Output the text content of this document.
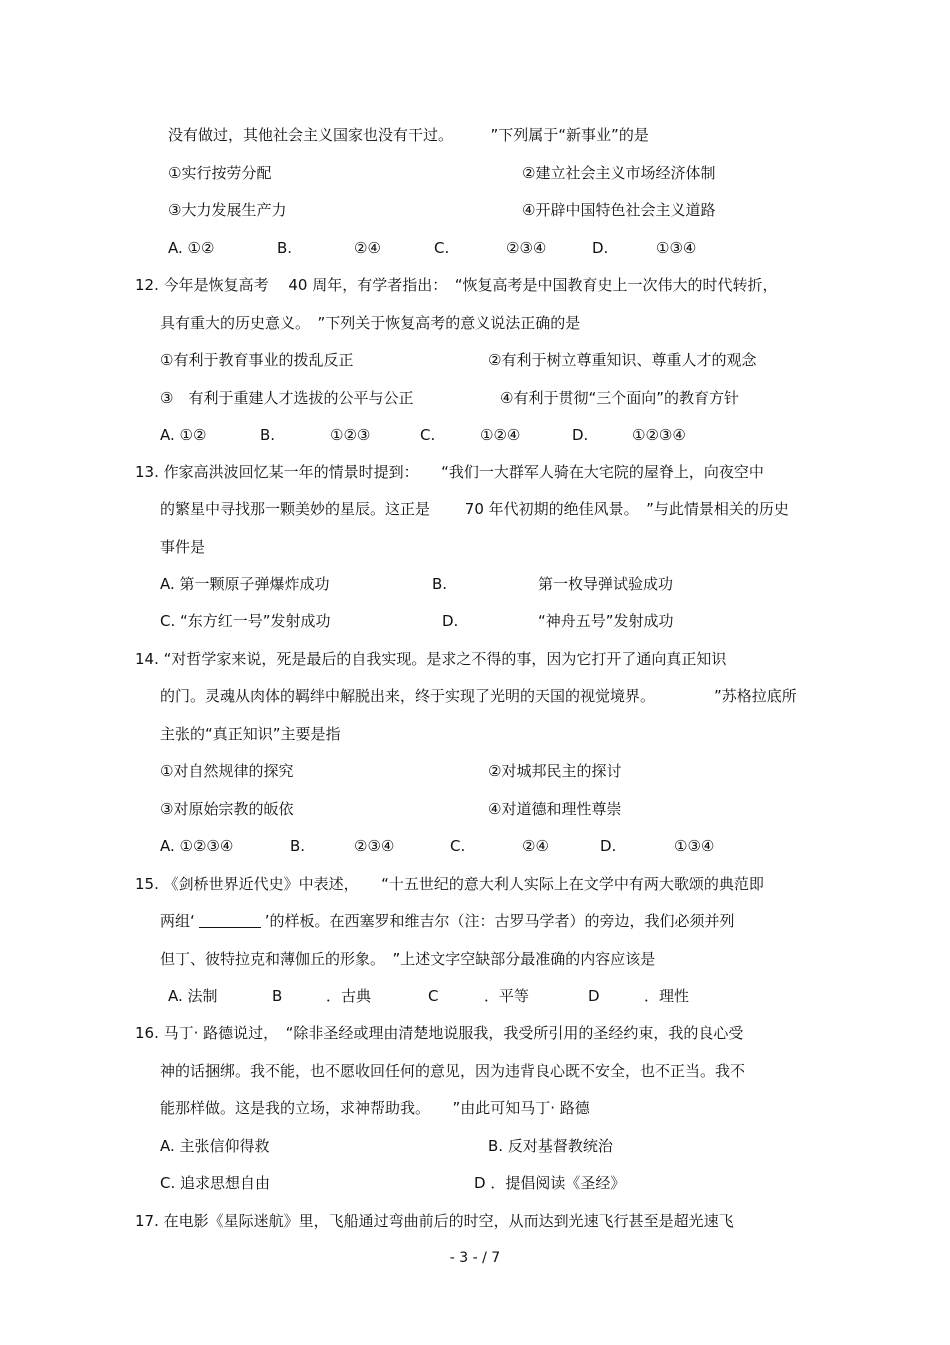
没有做过，其他社会主义国家也没有干过。　　　”下列属于“新事业”的是
①实行按劳分配	②建立社会主义市场经济体制
③大力发展生产力	④开辟中国特色社会主义道路
A. ①②	B.	②④	C.	②③④	D.	①③④
12. 今年是恢复高考　 40 周年，有学者指出：　“恢复高考是中国教育史上一次伟大的时代转折，
具有重大的历史意义。　”下列关于恢复高考的意义说法正确的是
①有利于教育事业的拨乱反正	②有利于树立尊重知识、尊重人才的观念
③　有利于重建人才选拔的公平与公正	④有利于贯彻“三个面向”的教育方针
A. ①②	B.	①②③	C.	①②④	D.	①②③④
13. 作家高洪波回忆某一年的情景时提到：　　“我们一大群军人骑在大宅院的屋脊上，向夜空中
的繁星中寻找那一颗美妙的星辰。这正是　　 70 年代初期的绝佳风景。　”与此情景相关的历史
事件是
A. 第一颗原子弹爆炸成功	B.	第一枚导弹试验成功
C. “东方红一号”发射成功	D.	“神舟五号”发射成功
14. “对哲学家来说，死是最后的自我实现。是求之不得的事，因为它打开了通向真正知识
的门。灵魂从肉体的羁绊中解脱出来，终于实现了光明的天国的视觉境界。	”苏格拉底所
主张的“真正知识”主要是指
①对自然规律的探究	②对城邦民主的探讨
③对原始宗教的皈依	④对道德和理性尊崇
A. ①②③④	B.	②③④	C.	②④	D.	①③④
15. 《剑桥世界近代史》中表述，　　“十五世纪的意大利人实际上在文学中有两大歌颂的典范即
两组‘	’的样板。在西塞罗和维吉尔（注：古罗马学者）的旁边，我们必须并列
但丁、彼特拉克和薄伽丘的形象。　”上述文字空缺部分最准确的内容应该是
A. 法制	B	．古典	C	．平等	D	．理性
16. 马丁· 路德说过，　“除非圣经或理由清楚地说服我，我受所引用的圣经约束，我的良心受
神的话捆绑。我不能，也不愿收回任何的意见，因为违背良心既不安全，也不正当。我不
能那样做。这是我的立场，求神帮助我。　　”由此可知马丁· 路德
A. 主张信仰得救	B. 反对基督教统治
C. 追求思想自由	D ．提倡阅读《圣经》
17. 在电影《星际迷航》里，飞船通过弯曲前后的时空，从而达到光速飞行甚至是超光速飞
- 3 - / 7
